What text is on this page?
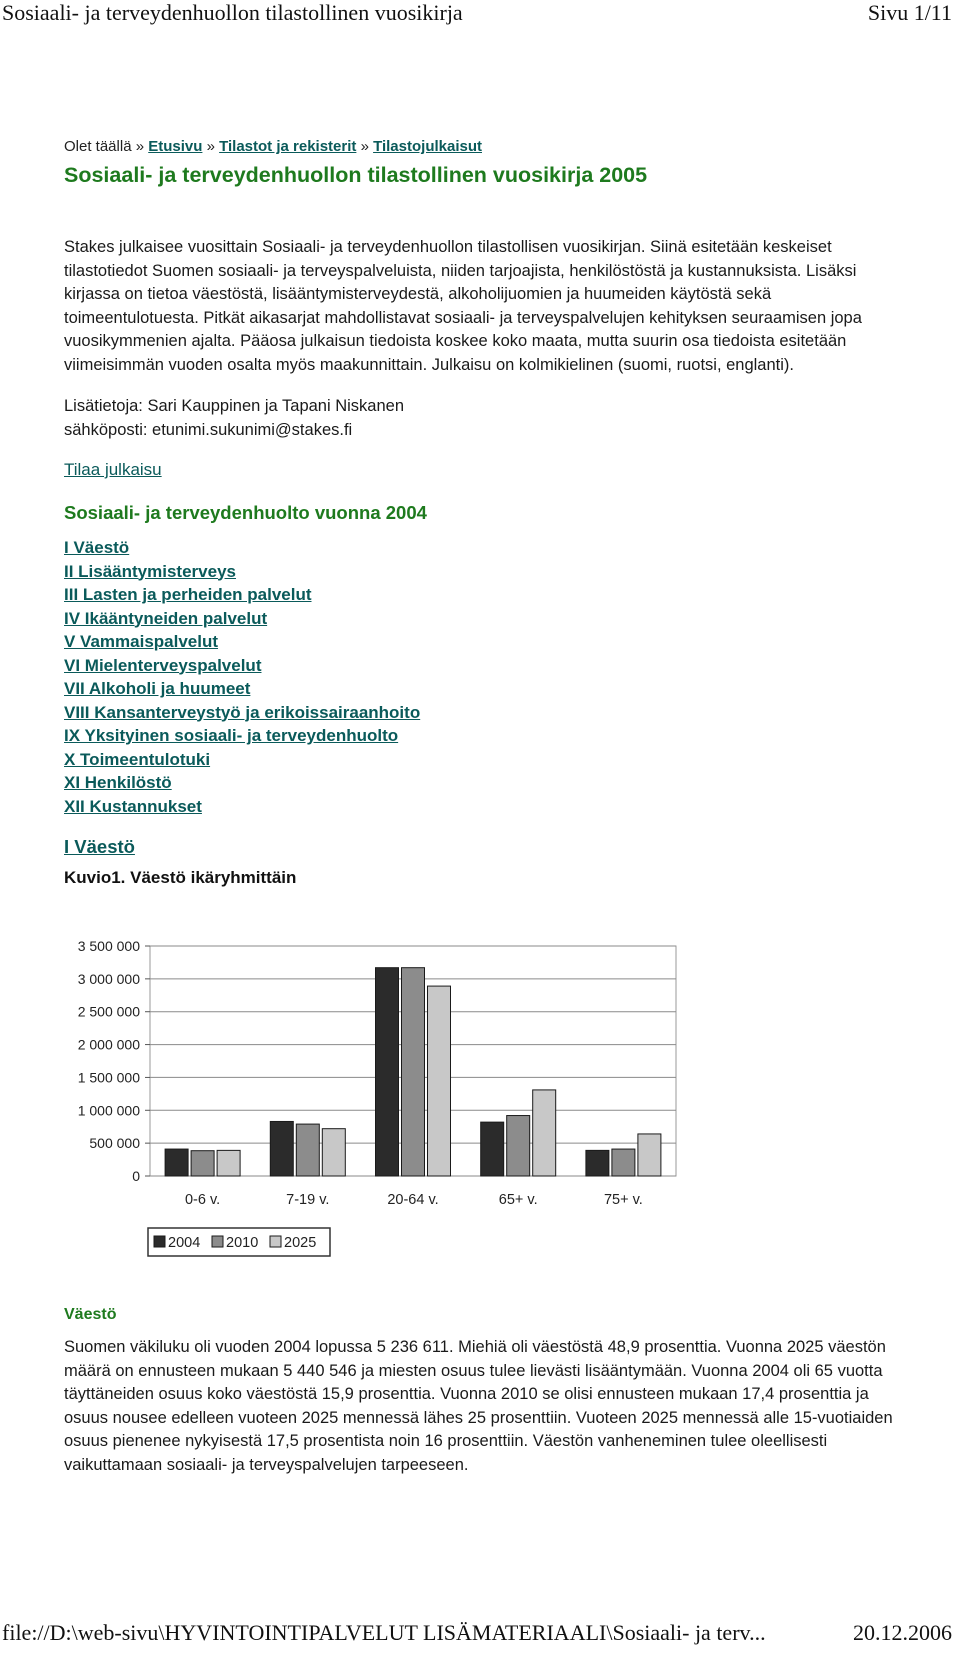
Sosiaali- ja terveydenhuollon tilastollinen vuosikirja	Sivu 1/11

Olet täällä » Etusivu » Tilastot ja rekisterit » Tilastojulkaisut

Sosiaali- ja terveydenhuollon tilastollinen vuosikirja 2005

Stakes julkaisee vuosittain Sosiaali- ja terveydenhuollon tilastollisen vuosikirjan. Siinä esitetään keskeiset tilastotiedot Suomen sosiaali- ja terveyspalveluista, niiden tarjoajista, henkilöstöstä ja kustannuksista. Lisäksi kirjassa on tietoa väestöstä, lisääntymisterveydestä, alkoholijuomien ja huumeiden käytöstä sekä toimeentulotuesta. Pitkät aikasarjat mahdollistavat sosiaali- ja terveyspalvelujen kehityksen seuraamisen jopa vuosikymmenien ajalta. Pääosa julkaisun tiedoista koskee koko maata, mutta suurin osa tiedoista esitetään viimeisimmän vuoden osalta myös maakunnittain. Julkaisu on kolmikielinen (suomi, ruotsi, englanti).

Lisätietoja: Sari Kauppinen ja Tapani Niskanen
sähköposti: etunimi.sukunimi@stakes.fi

Tilaa julkaisu

Sosiaali- ja terveydenhuolto vuonna 2004
I Väestö
II Lisääntymisterveys
III Lasten ja perheiden palvelut
IV Ikääntyneiden palvelut
V Vammaispalvelut
VI Mielenterveyspalvelut
VII Alkoholi ja huumeet
VIII Kansanterveystyö ja erikoissairaanhoito
IX Yksityinen sosiaali- ja terveydenhuolto
X Toimeentulotuki
XI Henkilöstö
XII Kustannukset

I Väestö

Kuvio1. Väestö ikäryhmittäin

0
500 000
1 000 000
1 500 000
2 000 000
2 500 000
3 000 000
3 500 000
0-6 v.	7-19 v.	20-64 v.	65+ v.	75+ v.
2004 2010 2025
Väestö

Suomen väkiluku oli vuoden 2004 lopussa 5 236 611. Miehiä oli väestöstä 48,9 prosenttia. Vuonna 2025 väestön määrä on ennusteen mukaan 5 440 546 ja miesten osuus tulee lievästi lisääntymään. Vuonna 2004 oli 65 vuotta täyttäneiden osuus koko väestöstä 15,9 prosenttia. Vuonna 2010 se olisi ennusteen mukaan 17,4 prosenttia ja osuus nousee edelleen vuoteen 2025 mennessä lähes 25 prosenttiin. Vuoteen 2025 mennessä alle 15-vuotiaiden osuus pienenee nykyisestä 17,5 prosentista noin 16 prosenttiin. Väestön vanheneminen tulee oleellisesti vaikuttamaan sosiaali- ja terveyspalvelujen tarpeeseen.

file://D:\web-sivu\HYVINTOINTIPALVELUT LISÄMATERIAALI\Sosiaali- ja terv...	20.12.2006
